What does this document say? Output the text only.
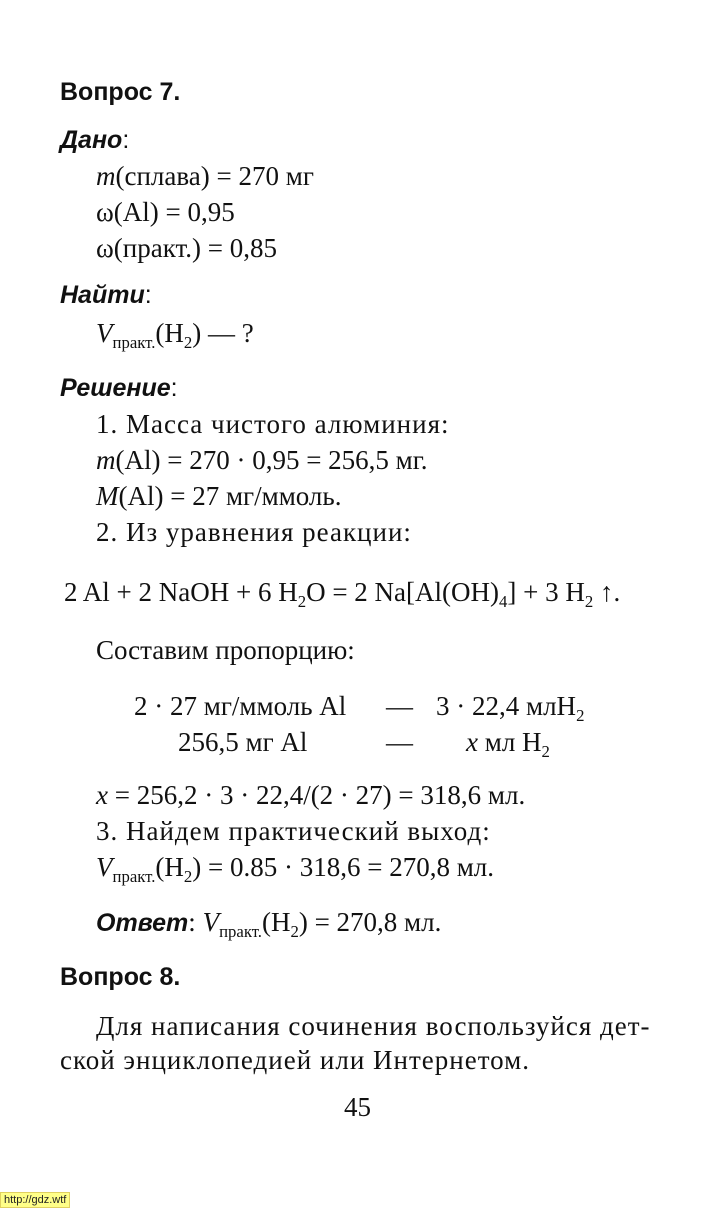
Вопрос 7.
Дано:
m(сплава) = 270 мг
ω(Al) = 0,95
ω(практ.) = 0,85
Найти:
$V_{практ.}(H_2)$ — ?
Решение:
1. Масса чистого алюминия:
m(Al) = 270 · 0,95 = 256,5 мг.
M(Al) = 27 мг/ммоль.
2. Из уравнения реакции:
2 Al + 2 NaOH + 6 $H_2O = 2$ $Na[Al(OH)_4] + 3$ $H_2$ ↑.
Составим пропорцию:
2 · 27 мг/ммоль Al — 3 · 22,4 млH$_2$
256,5 мг Al	— x мл $H_2$
x = 256,2 · 3 · 22,4/(2 · 27) = 318,6 мл.
3. Найдем практический выход:
$V_{практ.}(H_2) = 0.85 \cdot 318,6 = 270,8$ мл.
Ответ: $V_{практ.}(H_2) = 270,8$ мл.
Вопрос 8.
Для написания сочинения воспользуйся дет-
ской энциклопедией или Интернетом.
45
http://gdz.wtf
